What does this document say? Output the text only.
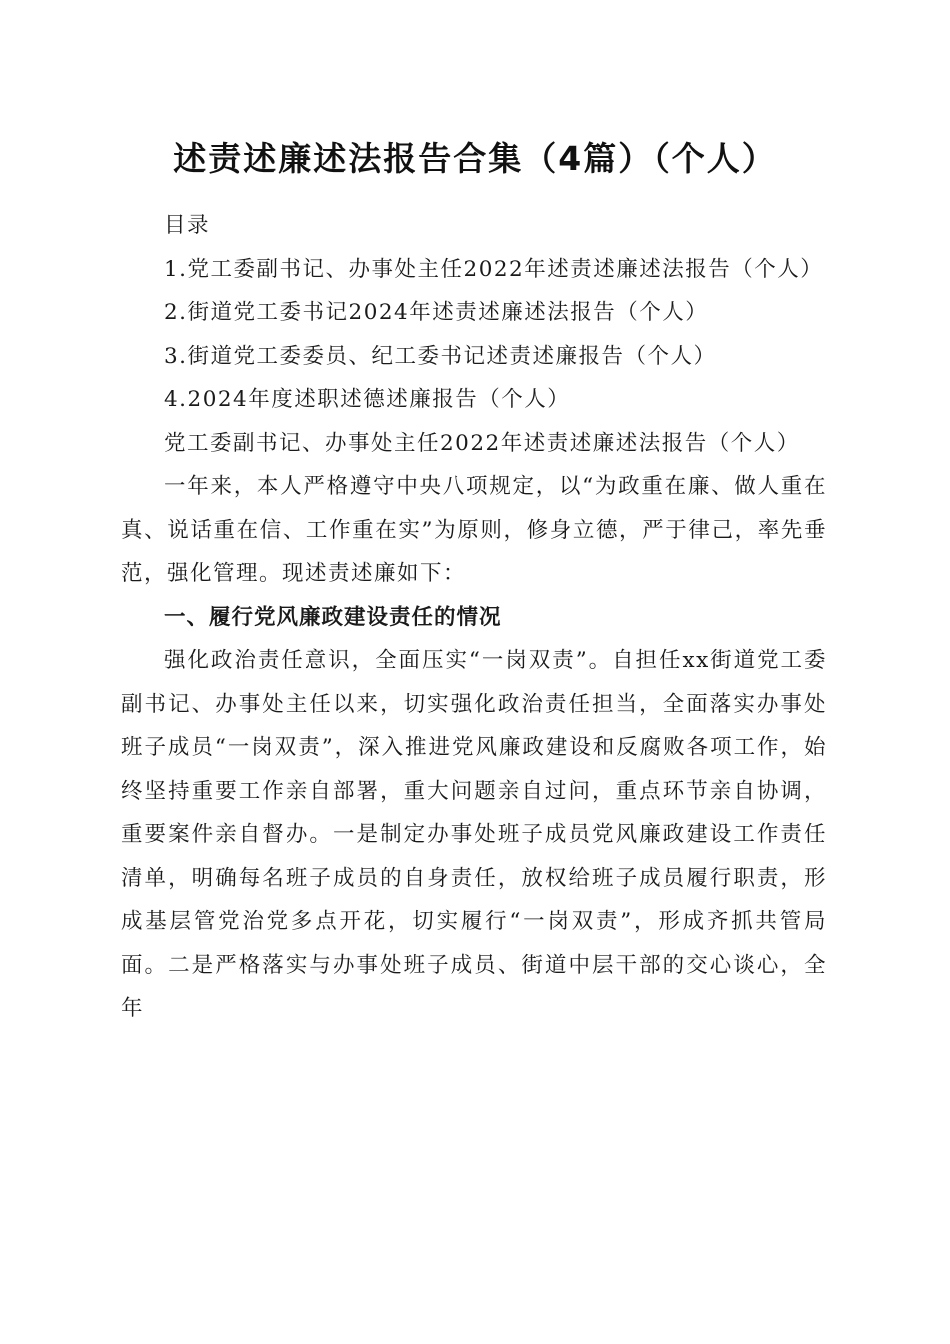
述责述廉述法报告合集（4篇）（个人）

目录

1.党工委副书记、办事处主任2022年述责述廉述法报告（个人）

2.街道党工委书记2024年述责述廉述法报告（个人）

3.街道党工委委员、纪工委书记述责述廉报告（个人）

4.2024年度述职述德述廉报告（个人）

党工委副书记、办事处主任2022年述责述廉述法报告（个人）

一年来，本人严格遵守中央八项规定，以“为政重在廉、做人重在真、说话重在信、工作重在实”为原则，修身立德，严于律己，率先垂范，强化管理。现述责述廉如下：

一、履行党风廉政建设责任的情况

强化政治责任意识，全面压实“一岗双责”。自担任xx街道党工委副书记、办事处主任以来，切实强化政治责任担当，全面落实办事处班子成员“一岗双责”，深入推进党风廉政建设和反腐败各项工作，始终坚持重要工作亲自部署，重大问题亲自过问，重点环节亲自协调，重要案件亲自督办。一是制定办事处班子成员党风廉政建设工作责任清单，明确每名班子成员的自身责任，放权给班子成员履行职责，形成基层管党治党多点开花，切实履行“一岗双责”，形成齐抓共管局面。二是严格落实与办事处班子成员、街道中层干部的交心谈心，全年
